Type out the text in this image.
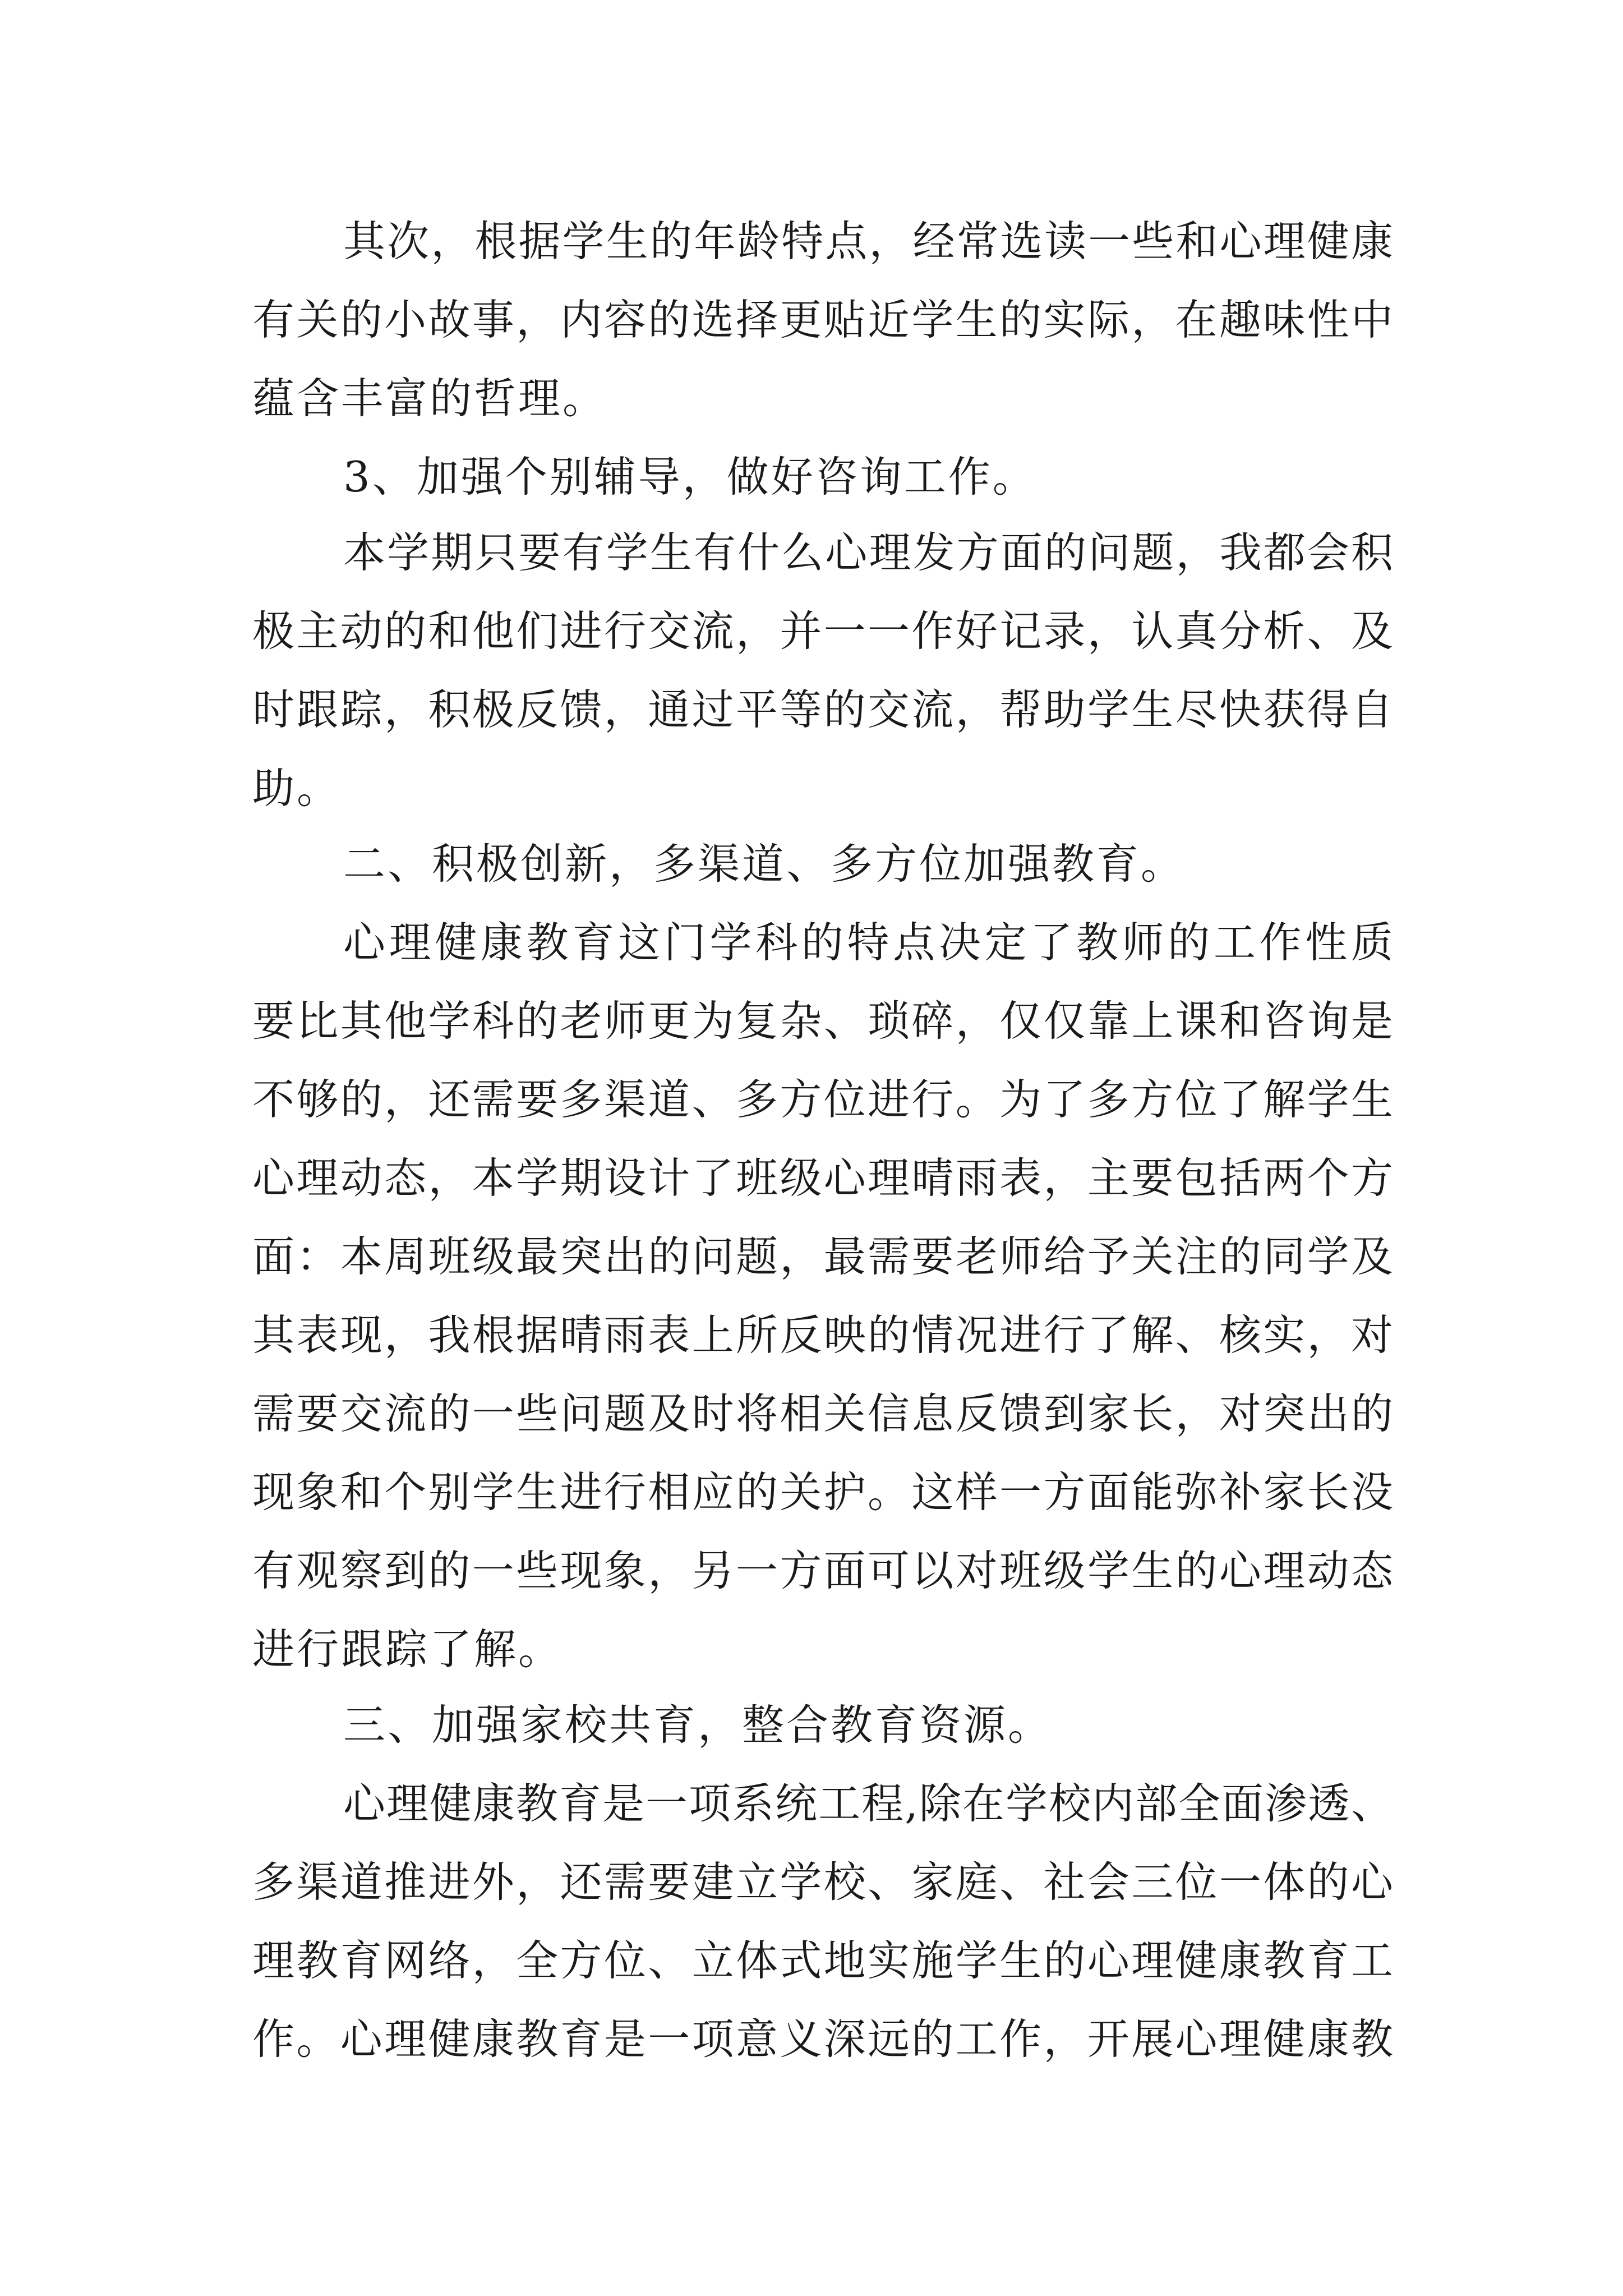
其次，根据学生的年龄特点，经常选读一些和心理健康
有关的小故事，内容的选择更贴近学生的实际，在趣味性中
蕴含丰富的哲理。
3、加强个别辅导，做好咨询工作。
本学期只要有学生有什么心理发方面的问题，我都会积
极主动的和他们进行交流，并一一作好记录，认真分析、及
时跟踪，积极反馈，通过平等的交流，帮助学生尽快获得自
助。
二、积极创新，多渠道、多方位加强教育。
心理健康教育这门学科的特点决定了教师的工作性质
要比其他学科的老师更为复杂、琐碎，仅仅靠上课和咨询是
不够的，还需要多渠道、多方位进行。为了多方位了解学生
心理动态，本学期设计了班级心理晴雨表，主要包括两个方
面：本周班级最突出的问题，最需要老师给予关注的同学及
其表现，我根据晴雨表上所反映的情况进行了解、核实，对
需要交流的一些问题及时将相关信息反馈到家长，对突出的
现象和个别学生进行相应的关护。这样一方面能弥补家长没
有观察到的一些现象，另一方面可以对班级学生的心理动态
进行跟踪了解。
三、加强家校共育，整合教育资源。
心理健康教育是一项系统工程,除在学校内部全面渗透、
多渠道推进外，还需要建立学校、家庭、社会三位一体的心
理教育网络，全方位、立体式地实施学生的心理健康教育工
作。心理健康教育是一项意义深远的工作，开展心理健康教
